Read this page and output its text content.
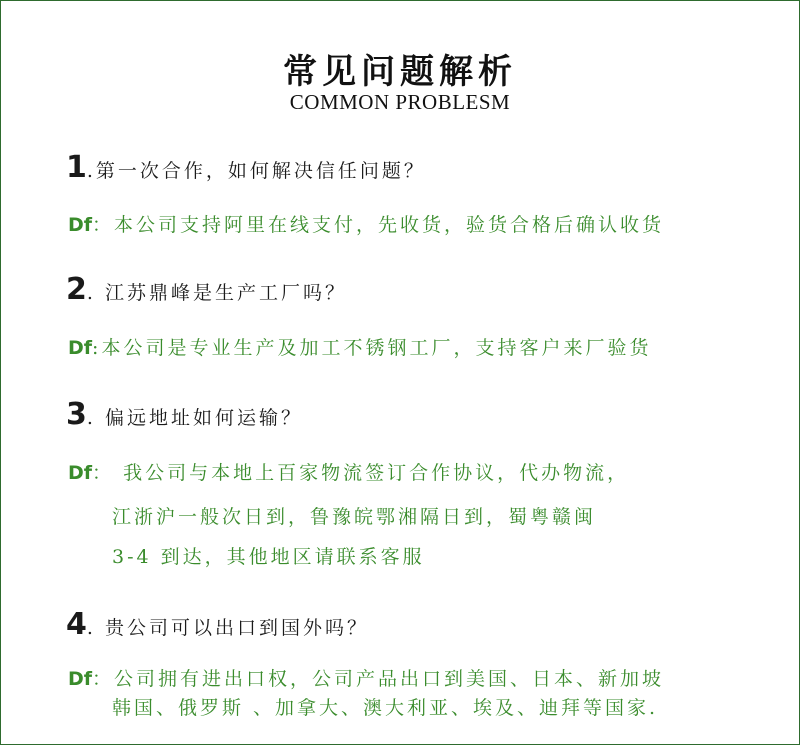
常见问题解析
COMMON PROBLESM
1.第一次合作，如何解决信任问题？
Df：本公司支持阿里在线支付，先收货，验货合格后确认收货
2. 江苏鼎峰是生产工厂吗？
Df:本公司是专业生产及加工不锈钢工厂，支持客户来厂验货
3. 偏远地址如何运输？
Df： 我公司与本地上百家物流签订合作协议，代办物流，
江浙沪一般次日到，鲁豫皖鄂湘隔日到，蜀粤赣闽
3-4 到达，其他地区请联系客服
4. 贵公司可以出口到国外吗？
Df：公司拥有进出口权，公司产品出口到美国、日本、新加坡
韩国、俄罗斯 、加拿大、澳大利亚、埃及、迪拜等国家.
